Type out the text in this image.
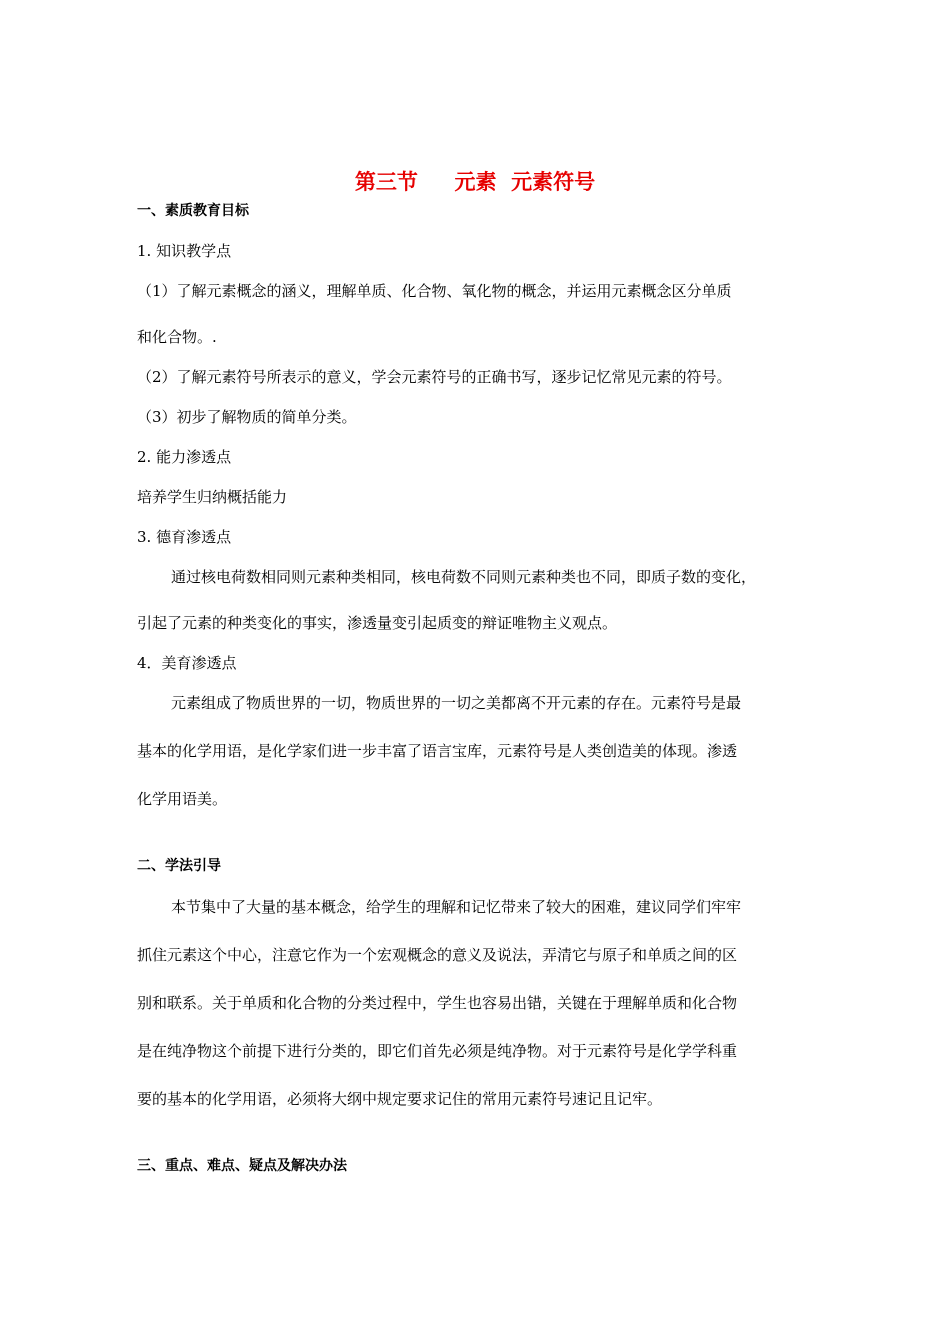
第三节     元素  元素符号
一、素质教育目标
1. 知识教学点
（1）了解元素概念的涵义，理解单质、化合物、氧化物的概念，并运用元素概念区分单质
和化合物。.
（2）了解元素符号所表示的意义，学会元素符号的正确书写，逐步记忆常见元素的符号。
（3）初步了解物质的简单分类。
2. 能力渗透点
培养学生归纳概括能力
3. 德育渗透点
通过核电荷数相同则元素种类相同，核电荷数不同则元素种类也不同，即质子数的变化，
引起了元素的种类变化的事实，渗透量变引起质变的辩证唯物主义观点。
4．美育渗透点
元素组成了物质世界的一切，物质世界的一切之美都离不开元素的存在。元素符号是最
基本的化学用语，是化学家们进一步丰富了语言宝库，元素符号是人类创造美的体现。渗透
化学用语美。
二、学法引导
本节集中了大量的基本概念，给学生的理解和记忆带来了较大的困难，建议同学们牢牢
抓住元素这个中心，注意它作为一个宏观概念的意义及说法，弄清它与原子和单质之间的区
别和联系。关于单质和化合物的分类过程中，学生也容易出错，关键在于理解单质和化合物
是在纯净物这个前提下进行分类的，即它们首先必须是纯净物。对于元素符号是化学学科重
要的基本的化学用语，必须将大纲中规定要求记住的常用元素符号速记且记牢。
三、重点、难点、疑点及解决办法
